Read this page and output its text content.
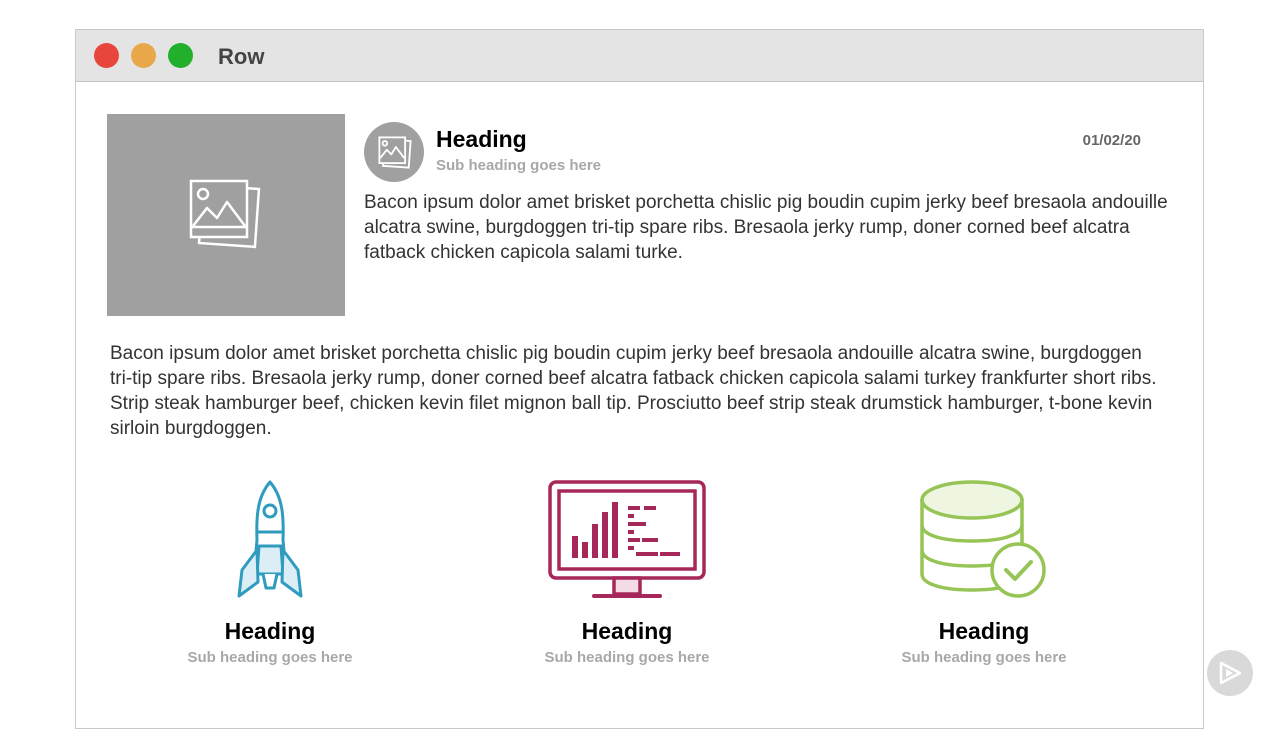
Row
Heading
Sub heading goes here
01/02/20
Bacon ipsum dolor amet brisket porchetta chislic pig boudin cupim jerky beef bresaola andouille alcatra swine, burgdoggen tri-tip spare ribs. Bresaola jerky rump, doner corned beef alcatra fatback chicken capicola salami turke.
Bacon ipsum dolor amet brisket porchetta chislic pig boudin cupim jerky beef bresaola andouille alcatra swine, burgdoggen tri-tip spare ribs. Bresaola jerky rump, doner corned beef alcatra fatback chicken capicola salami turkey frankfurter short ribs. Strip steak hamburger beef, chicken kevin filet mignon ball tip. Prosciutto beef strip steak drumstick hamburger, t-bone kevin sirloin burgdoggen.
Heading
Sub heading goes here
Heading
Sub heading goes here
Heading
Sub heading goes here
